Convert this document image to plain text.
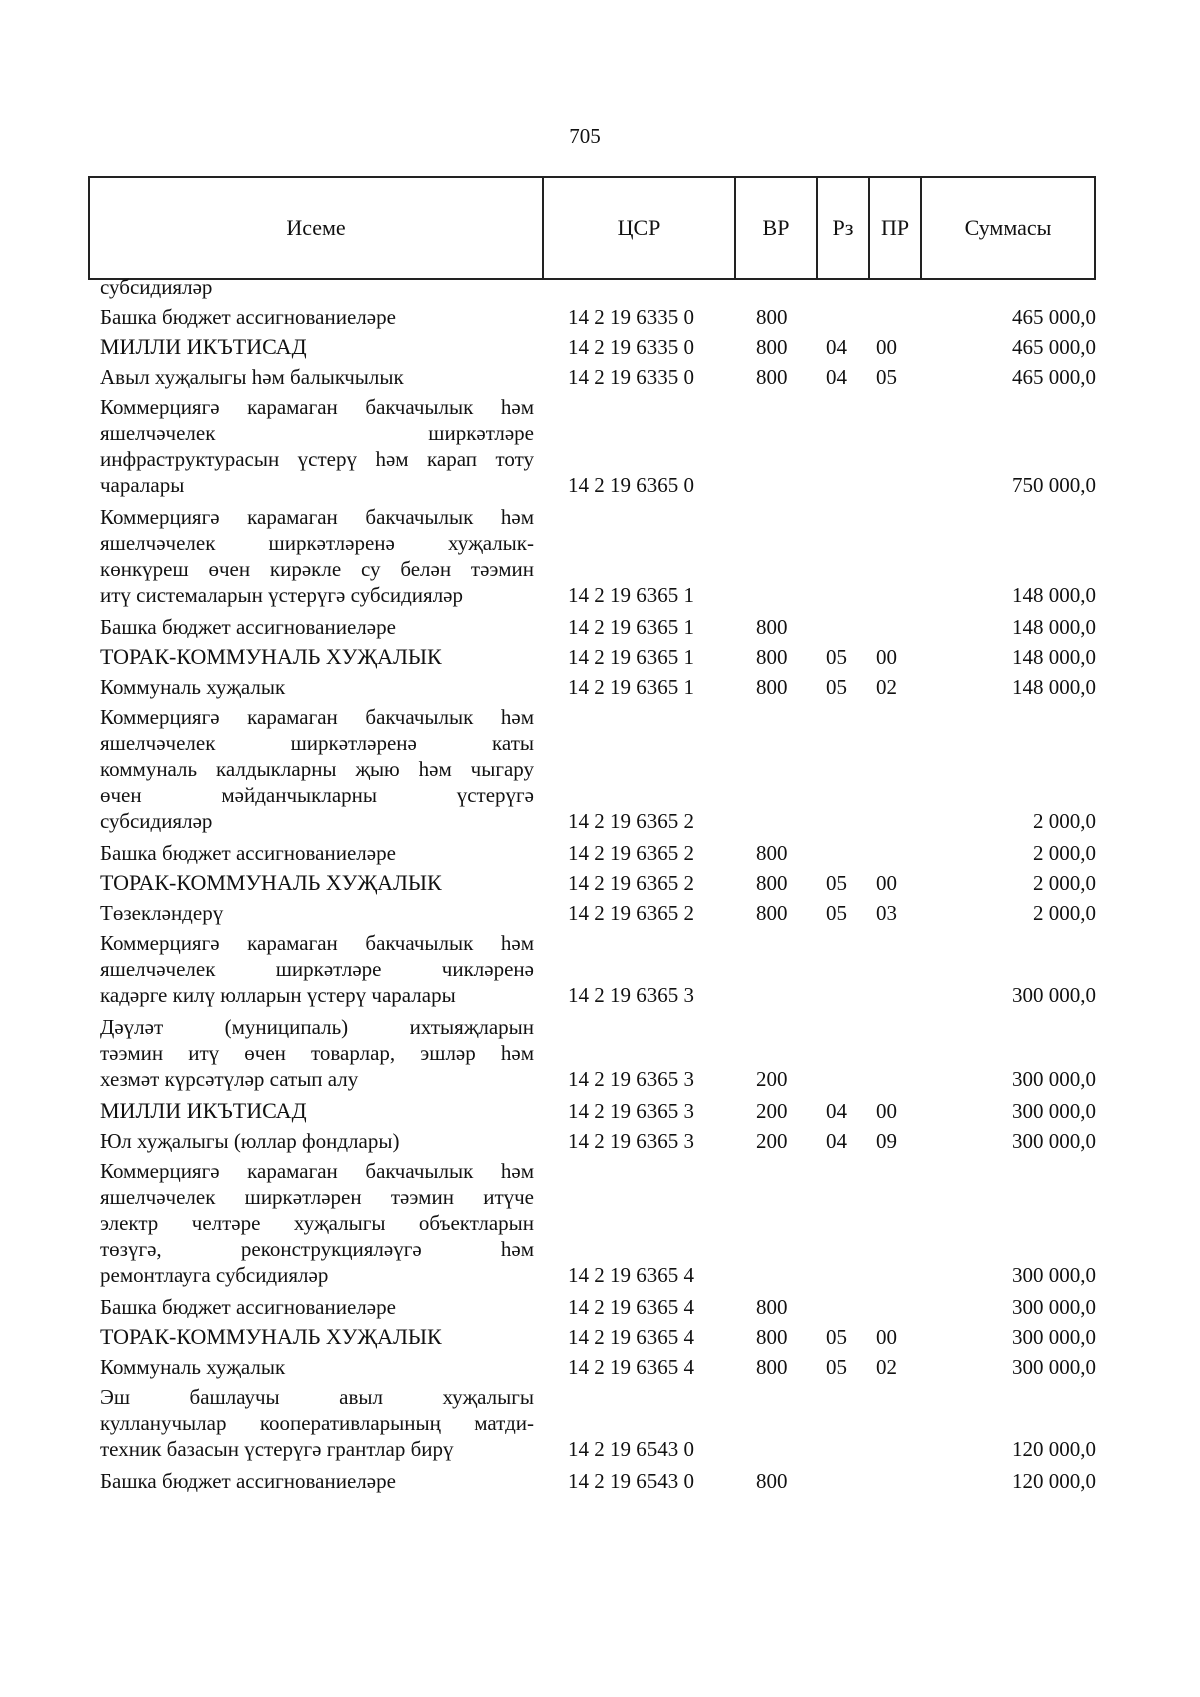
705
Исеме	ЦСР	ВР	Рз	ПР	Суммасы
субсидияләр
Башка бюджет ассигнованиеләре	14 2 19 6335 0	800	465 000,0
МИЛЛИ ИКЪТИСАД	14 2 19 6335 0	800 04 00	465 000,0
Авыл хуҗалыгы һәм балыкчылык	14 2 19 6335 0	800 04 05	465 000,0
Коммерциягә карамаган бакчачылык һәм
яшелчәчелек ширкәтләре
инфраструктурасын үстерү һәм карап тоту
чаралары	14 2 19 6365 0	750 000,0
Коммерциягә карамаган бакчачылык һәм
яшелчәчелек ширкәтләренә хуҗалык-
көнкүреш өчен кирәкле су белән тәэмин
итү системаларын үстерүгә субсидияләр	14 2 19 6365 1	148 000,0
Башка бюджет ассигнованиеләре	14 2 19 6365 1	800	148 000,0
ТОРАК-КОММУНАЛЬ ХУҖАЛЫК	14 2 19 6365 1	800 05 00	148 000,0
Коммуналь хуҗалык	14 2 19 6365 1	800 05 02	148 000,0
Коммерциягә карамаган бакчачылык һәм
яшелчәчелек ширкәтләренә каты
коммуналь калдыкларны җыю һәм чыгару
өчен мәйданчыкларны үстерүгә
субсидияләр	14 2 19 6365 2	2 000,0
Башка бюджет ассигнованиеләре	14 2 19 6365 2	800	2 000,0
ТОРАК-КОММУНАЛЬ ХУҖАЛЫК	14 2 19 6365 2	800 05 00	2 000,0
Төзекләндерү	14 2 19 6365 2	800 05 03	2 000,0
Коммерциягә карамаган бакчачылык һәм
яшелчәчелек ширкәтләре чикләренә
кадәрге килү юлларын үстерү чаралары	14 2 19 6365 3	300 000,0
Дәүләт (муниципаль) ихтыяҗларын
тәэмин итү өчен товарлар, эшләр һәм
хезмәт күрсәтүләр сатып алу	14 2 19 6365 3	200	300 000,0
МИЛЛИ ИКЪТИСАД	14 2 19 6365 3	200 04 00	300 000,0
Юл хуҗалыгы (юллар фондлары)	14 2 19 6365 3	200 04 09	300 000,0
Коммерциягә карамаган бакчачылык һәм
яшелчәчелек ширкәтләрен тәэмин итүче
электр челтәре хуҗалыгы объектларын
төзүгә, реконструкцияләүгә һәм
ремонтлауга субсидияләр	14 2 19 6365 4	300 000,0
Башка бюджет ассигнованиеләре	14 2 19 6365 4	800	300 000,0
ТОРАК-КОММУНАЛЬ ХУҖАЛЫК	14 2 19 6365 4	800 05 00	300 000,0
Коммуналь хуҗалык	14 2 19 6365 4	800 05 02	300 000,0
Эш башлаучы авыл хуҗалыгы
кулланучылар кооперативларының матди-
техник базасын үстерүгә грантлар бирү	14 2 19 6543 0	120 000,0
Башка бюджет ассигнованиеләре	14 2 19 6543 0	800	120 000,0
